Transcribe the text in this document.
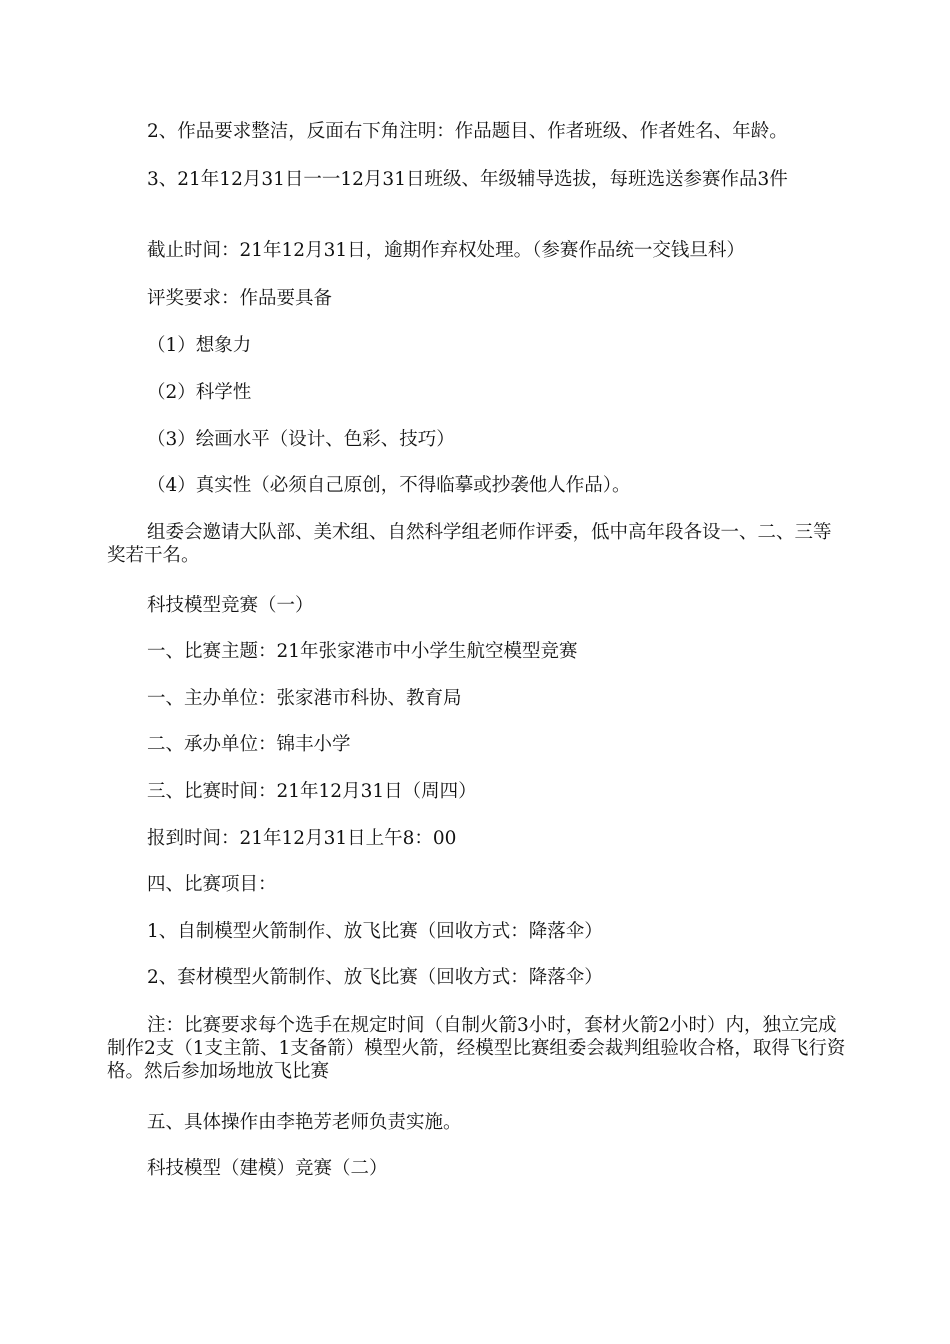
2、作品要求整洁，反面右下角注明：作品题目、作者班级、作者姓名、年龄。

3、21年12月31日一一12月31日班级、年级辅导选拔，每班选送参赛作品3件

截止时间：21年12月31日，逾期作弃权处理。（参赛作品统一交钱旦科）

评奖要求：作品要具备

（1）想象力

（2）科学性

（3）绘画水平（设计、色彩、技巧）

（4）真实性（必须自己原创，不得临摹或抄袭他人作品）。

组委会邀请大队部、美术组、自然科学组老师作评委，低中高年段各设一、二、三等奖若干名。

科技模型竞赛（一）

一、比赛主题：21年张家港市中小学生航空模型竞赛

一、主办单位：张家港市科协、教育局

二、承办单位：锦丰小学

三、比赛时间：21年12月31日（周四）

报到时间：21年12月31日上午8：00

四、比赛项目：

1、自制模型火箭制作、放飞比赛（回收方式：降落伞）

2、套材模型火箭制作、放飞比赛（回收方式：降落伞）

注：比赛要求每个选手在规定时间（自制火箭3小时，套材火箭2小时）内，独立完成制作2支（1支主箭、1支备箭）模型火箭，经模型比赛组委会裁判组验收合格，取得飞行资格。然后参加场地放飞比赛

五、具体操作由李艳芳老师负责实施。

科技模型（建模）竞赛（二）
